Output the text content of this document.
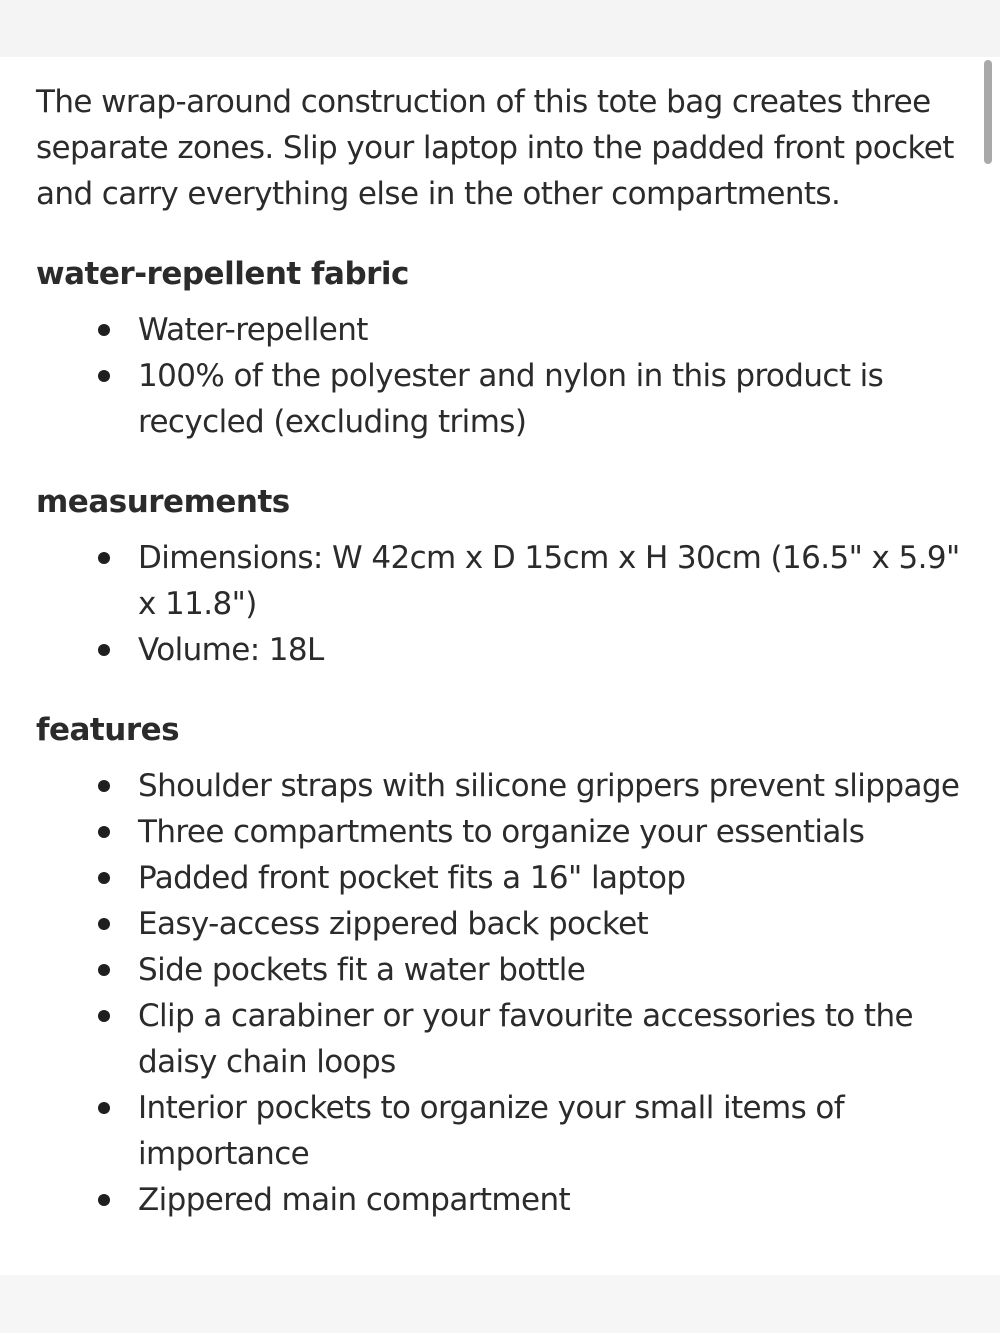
The wrap-around construction of this tote bag creates three separate zones. Slip your laptop into the padded front pocket and carry everything else in the other compartments.

water-repellent fabric
Water-repellent
100% of the polyester and nylon in this product is recycled (excluding trims)
measurements
Dimensions: W 42cm x D 15cm x H 30cm (16.5" x 5.9" x 11.8")
Volume: 18L
features
Shoulder straps with silicone grippers prevent slippage
Three compartments to organize your essentials
Padded front pocket fits a 16" laptop
Easy-access zippered back pocket
Side pockets fit a water bottle
Clip a carabiner or your favourite accessories to the daisy chain loops
Interior pockets to organize your small items of importance
Zippered main compartment
